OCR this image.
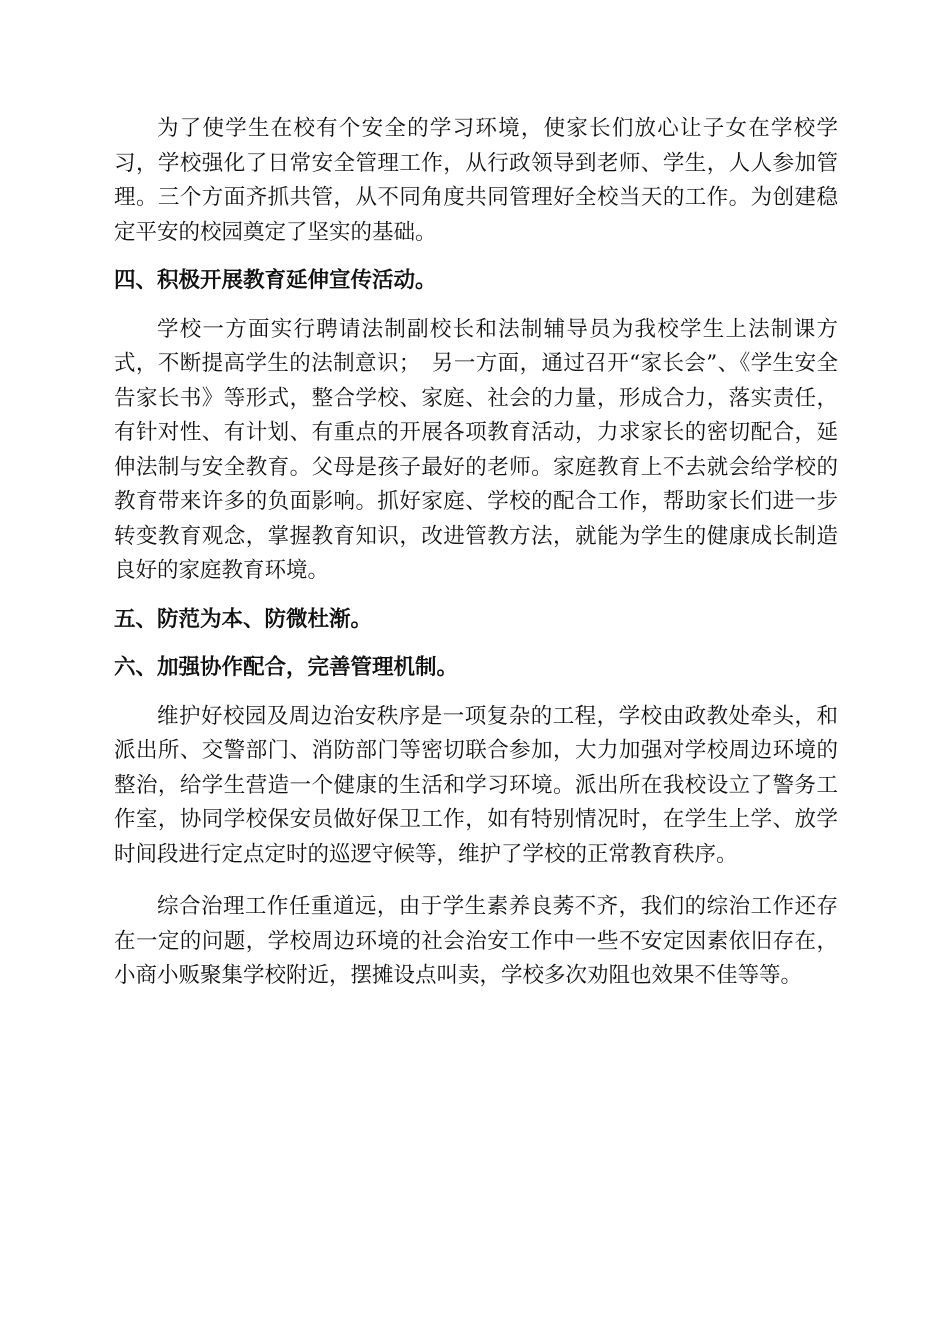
为了使学生在校有个安全的学习环境，使家长们放心让子女在学校学习，学校强化了日常安全管理工作，从行政领导到老师、学生，人人参加管理。三个方面齐抓共管，从不同角度共同管理好全校当天的工作。为创建稳定平安的校园奠定了坚实的基础。

四、积极开展教育延伸宣传活动。

学校一方面实行聘请法制副校长和法制辅导员为我校学生上法制课方式，不断提高学生的法制意识；　另一方面，通过召开“家长会”、《学生安全告家长书》等形式，整合学校、家庭、社会的力量，形成合力，落实责任，有针对性、有计划、有重点的开展各项教育活动，力求家长的密切配合，延伸法制与安全教育。父母是孩子最好的老师。家庭教育上不去就会给学校的教育带来许多的负面影响。抓好家庭、学校的配合工作，帮助家长们进一步转变教育观念，掌握教育知识，改进管教方法，就能为学生的健康成长制造良好的家庭教育环境。

五、防范为本、防微杜渐。

六、加强协作配合，完善管理机制。

维护好校园及周边治安秩序是一项复杂的工程，学校由政教处牵头，和派出所、交警部门、消防部门等密切联合参加，大力加强对学校周边环境的整治，给学生营造一个健康的生活和学习环境。派出所在我校设立了警务工作室，协同学校保安员做好保卫工作，如有特别情况时，在学生上学、放学时间段进行定点定时的巡逻守候等，维护了学校的正常教育秩序。

综合治理工作任重道远，由于学生素养良莠不齐，我们的综治工作还存在一定的问题，学校周边环境的社会治安工作中一些不安定因素依旧存在，小商小贩聚集学校附近，摆摊设点叫卖，学校多次劝阻也效果不佳等等。
